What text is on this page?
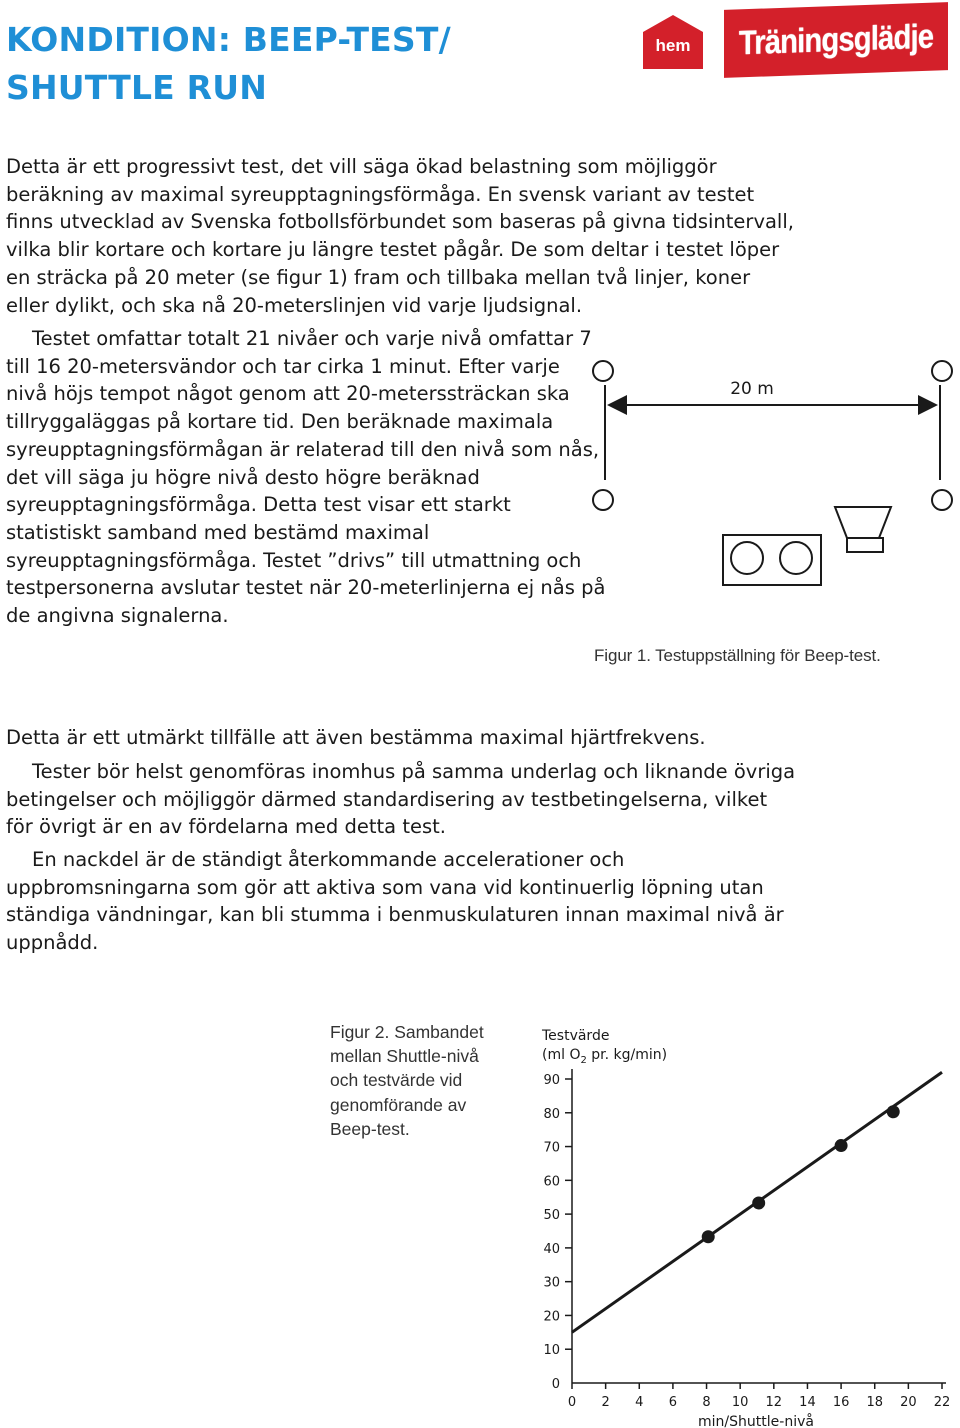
KONDITION: BEEP-TEST/
SHUTTLE RUN
hem Träningsglädje

Detta är ett progressivt test, det vill säga ökad belastning som möjliggör beräkning av maximal syreupptagningsförmåga. En svensk variant av testet finns utvecklad av Svenska fotbollsförbundet som baseras på givna tidsintervall, vilka blir kortare och kortare ju längre testet pågår. De som deltar i testet löper en sträcka på 20 meter (se figur 1) fram och tillbaka mellan två linjer, koner eller dylikt, och ska nå 20-meterslinjen vid varje ljudsignal.

Testet omfattar totalt 21 nivåer och varje nivå omfattar 7 till 16 20-metersvändor och tar cirka 1 minut. Efter varje nivå höjs tempot något genom att 20-meterssträckan ska tillryggaläggas på kortare tid. Den beräknade maximala syreupptagningsförmågan är relaterad till den nivå som nås, det vill säga ju högre nivå desto högre beräknad syreupptagningsförmåga. Detta test visar ett starkt statistiskt samband med bestämd maximal syreupptagningsförmåga. Testet ”drivs” till utmattning och testpersonerna avslutar testet när 20-meterlinjerna ej nås på de angivna signalerna.

20 m

Figur 1. Testuppställning för Beep-test.

Detta är ett utmärkt tillfälle att även bestämma maximal hjärtfrekvens.

Tester bör helst genomföras inomhus på samma underlag och liknande övriga betingelser och möjliggör därmed standardisering av testbetingelserna, vilket för övrigt är en av fördelarna med detta test.

En nackdel är de ständigt återkommande accelerationer och uppbromsningarna som gör att aktiva som vana vid kontinuerlig löpning utan ständiga vändningar, kan bli stumma i benmuskulaturen innan maximal nivå är uppnådd.

Figur 2. Sambandet mellan Shuttle-nivå och testvärde vid genomförande av Beep-test.

Testvärde
(ml $O_2$ pr. kg/min)
min/Shuttle-nivå
0
10
20
30
40
50
60
70
80
90
0 2 4 6 8 10 12 14 16 18 20 22
